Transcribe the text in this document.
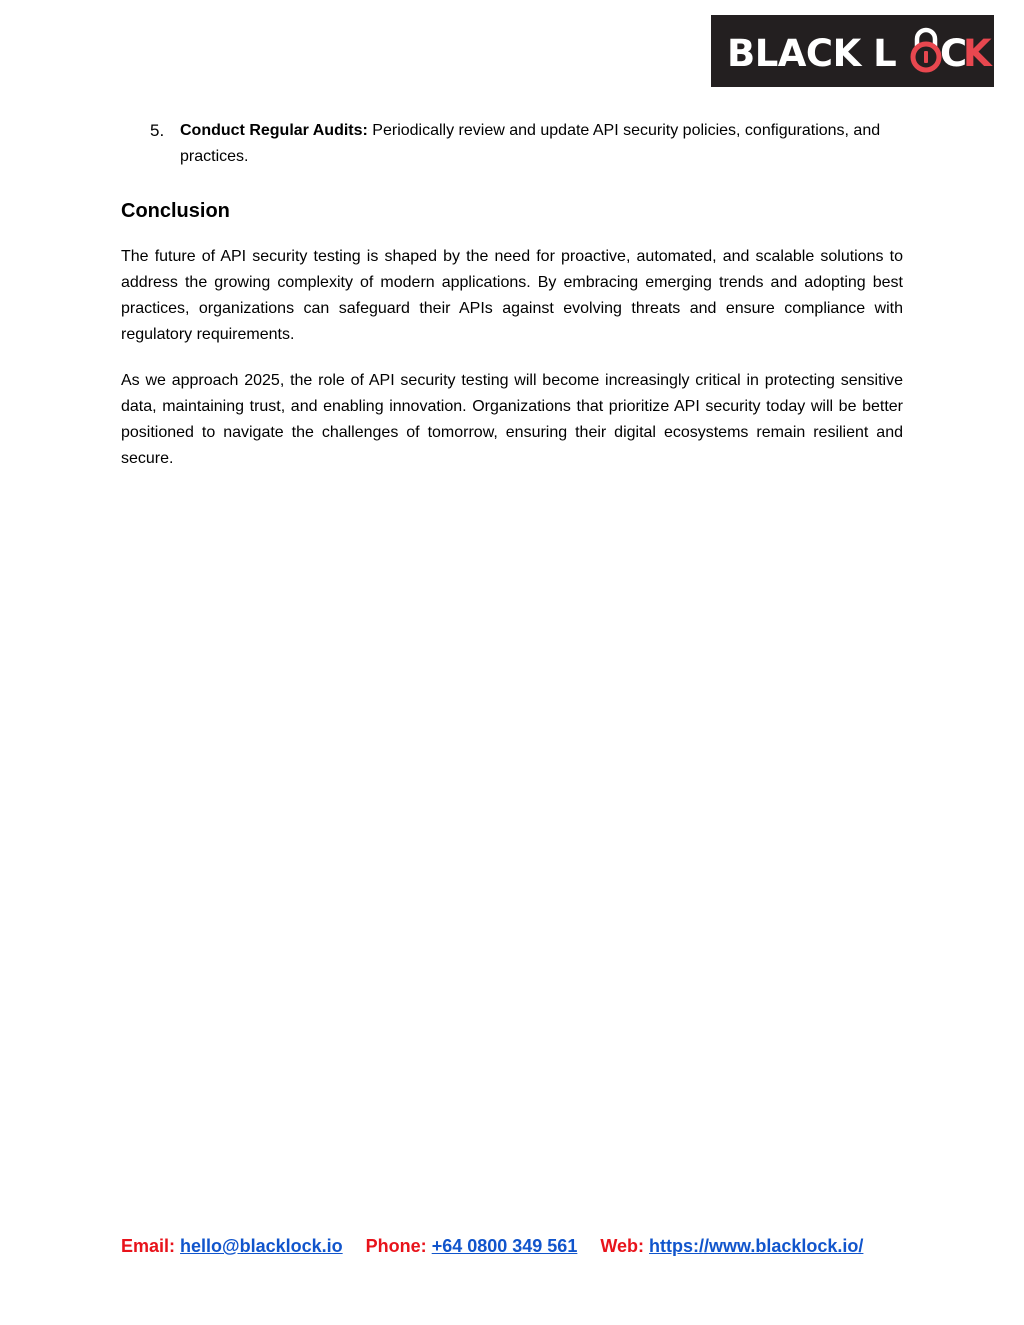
BLACK L C
K
5. Conduct Regular Audits: Periodically review and update API security policies, configurations, and practices.
Conclusion

The future of API security testing is shaped by the need for proactive, automated, and scalable solutions to address the growing complexity of modern applications. By embracing emerging trends and adopting best practices, organizations can safeguard their APIs against evolving threats and ensure compliance with regulatory requirements.

As we approach 2025, the role of API security testing will become increasingly critical in protecting sensitive data, maintaining trust, and enabling innovation. Organizations that prioritize API security today will be better positioned to navigate the challenges of tomorrow, ensuring their digital ecosystems remain resilient and secure.

Email: hello@blacklock.io Phone: +64 0800 349 561 Web: https://www.blacklock.io/
